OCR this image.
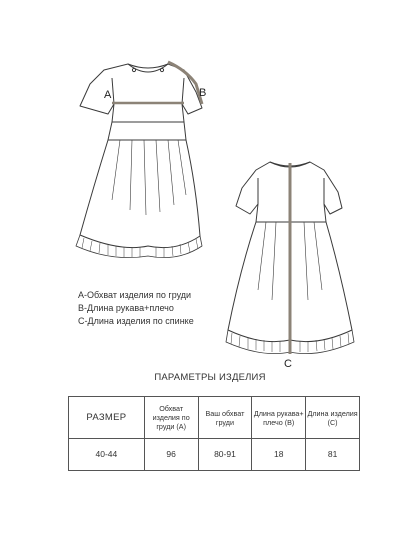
A	B
C
A-Обхват изделия по груди
B-Длина рукава+плечо
C-Длина изделия по спинке
ПАРАМЕТРЫ ИЗДЕЛИЯ
РАЗМЕР	Обхват изделия по груди (А)	Ваш обхват груди	Длина рукава+ плечо (В)	Длина изделия (С)
40-44	96	80-91	18	81
